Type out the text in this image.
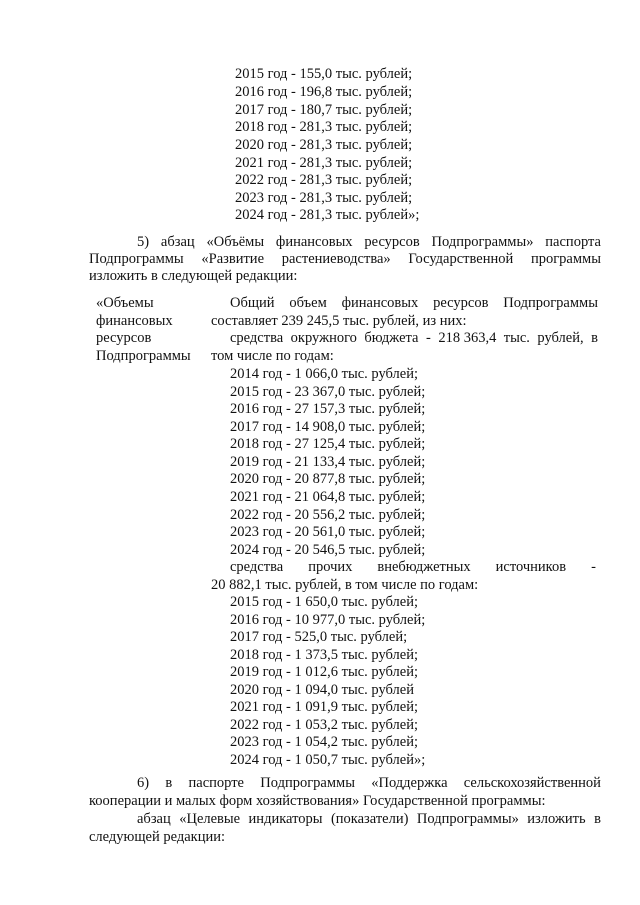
2015 год - 155,0 тыс. рублей;
2016 год - 196,8 тыс. рублей;
2017 год - 180,7 тыс. рублей;
2018 год - 281,3 тыс. рублей;
2020 год - 281,3 тыс. рублей;
2021 год - 281,3 тыс. рублей;
2022 год - 281,3 тыс. рублей;
2023 год - 281,3 тыс. рублей;
2024 год - 281,3 тыс. рублей»;
5) абзац «Объёмы финансовых ресурсов Подпрограммы» паспорта
Подпрограммы «Развитие растениеводства» Государственной программы
изложить в следующей редакции:
«Объемы
финансовых
ресурсов
Подпрограммы
Общий объем финансовых ресурсов Подпрограммы
составляет 239 245,5 тыс. рублей, из них:
средства окружного бюджета - 218 363,4 тыс. рублей, в
том числе по годам:
2014 год - 1 066,0 тыс. рублей;
2015 год - 23 367,0 тыс. рублей;
2016 год - 27 157,3 тыс. рублей;
2017 год - 14 908,0 тыс. рублей;
2018 год - 27 125,4 тыс. рублей;
2019 год - 21 133,4 тыс. рублей;
2020 год - 20 877,8 тыс. рублей;
2021 год - 21 064,8 тыс. рублей;
2022 год - 20 556,2 тыс. рублей;
2023 год - 20 561,0 тыс. рублей;
2024 год - 20 546,5 тыс. рублей;
средства прочих внебюджетных источников -
20 882,1 тыс. рублей, в том числе по годам:
2015 год - 1 650,0 тыс. рублей;
2016 год - 10 977,0 тыс. рублей;
2017 год - 525,0 тыс. рублей;
2018 год - 1 373,5 тыс. рублей;
2019 год - 1 012,6 тыс. рублей;
2020 год - 1 094,0 тыс. рублей
2021 год - 1 091,9 тыс. рублей;
2022 год - 1 053,2 тыс. рублей;
2023 год - 1 054,2 тыс. рублей;
2024 год - 1 050,7 тыс. рублей»;
6) в паспорте Подпрограммы «Поддержка сельскохозяйственной
кооперации и малых форм хозяйствования» Государственной программы:
абзац «Целевые индикаторы (показатели) Подпрограммы» изложить в
следующей редакции:
